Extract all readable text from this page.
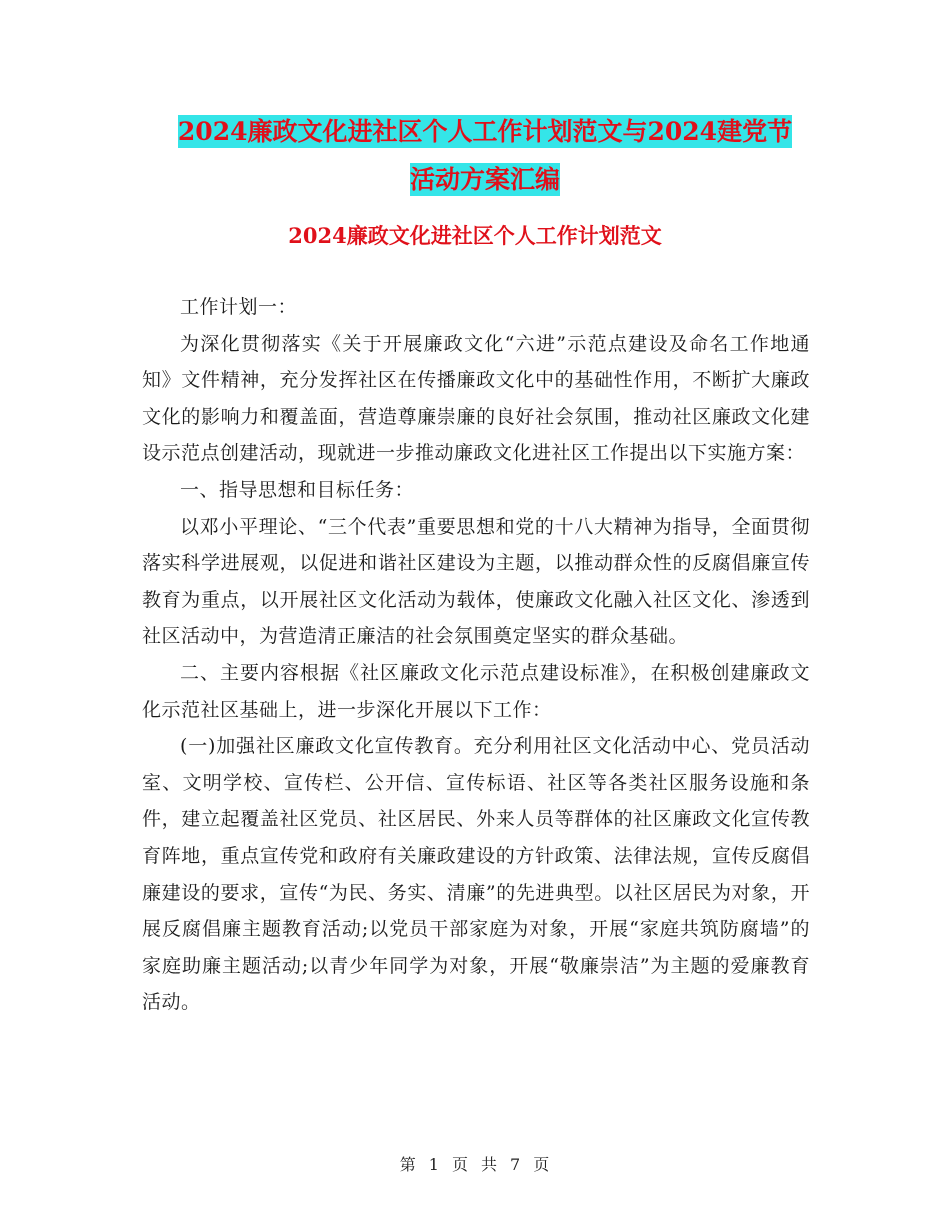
2024廉政文化进社区个人工作计划范文与2024建党节
活动方案汇编
2024廉政文化进社区个人工作计划范文

工作计划一：

为深化贯彻落实《关于开展廉政文化“六进”示范点建设及命名工作地通知》文件精神，充分发挥社区在传播廉政文化中的基础性作用，不断扩大廉政文化的影响力和覆盖面，营造尊廉崇廉的良好社会氛围，推动社区廉政文化建设示范点创建活动，现就进一步推动廉政文化进社区工作提出以下实施方案：

一、指导思想和目标任务：

以邓小平理论、“三个代表”重要思想和党的十八大精神为指导，全面贯彻落实科学进展观，以促进和谐社区建设为主题，以推动群众性的反腐倡廉宣传教育为重点，以开展社区文化活动为载体，使廉政文化融入社区文化、渗透到社区活动中，为营造清正廉洁的社会氛围奠定坚实的群众基础。

二、主要内容根据《社区廉政文化示范点建设标准》，在积极创建廉政文化示范社区基础上，进一步深化开展以下工作：

(一)加强社区廉政文化宣传教育。充分利用社区文化活动中心、党员活动室、文明学校、宣传栏、公开信、宣传标语、社区等各类社区服务设施和条件，建立起覆盖社区党员、社区居民、外来人员等群体的社区廉政文化宣传教育阵地，重点宣传党和政府有关廉政建设的方针政策、法律法规，宣传反腐倡廉建设的要求，宣传“为民、务实、清廉”的先进典型。以社区居民为对象，开展反腐倡廉主题教育活动;以党员干部家庭为对象，开展“家庭共筑防腐墙”的家庭助廉主题活动;以青少年同学为对象，开展“敬廉崇洁”为主题的爱廉教育活动。

第 1 页 共 7 页
